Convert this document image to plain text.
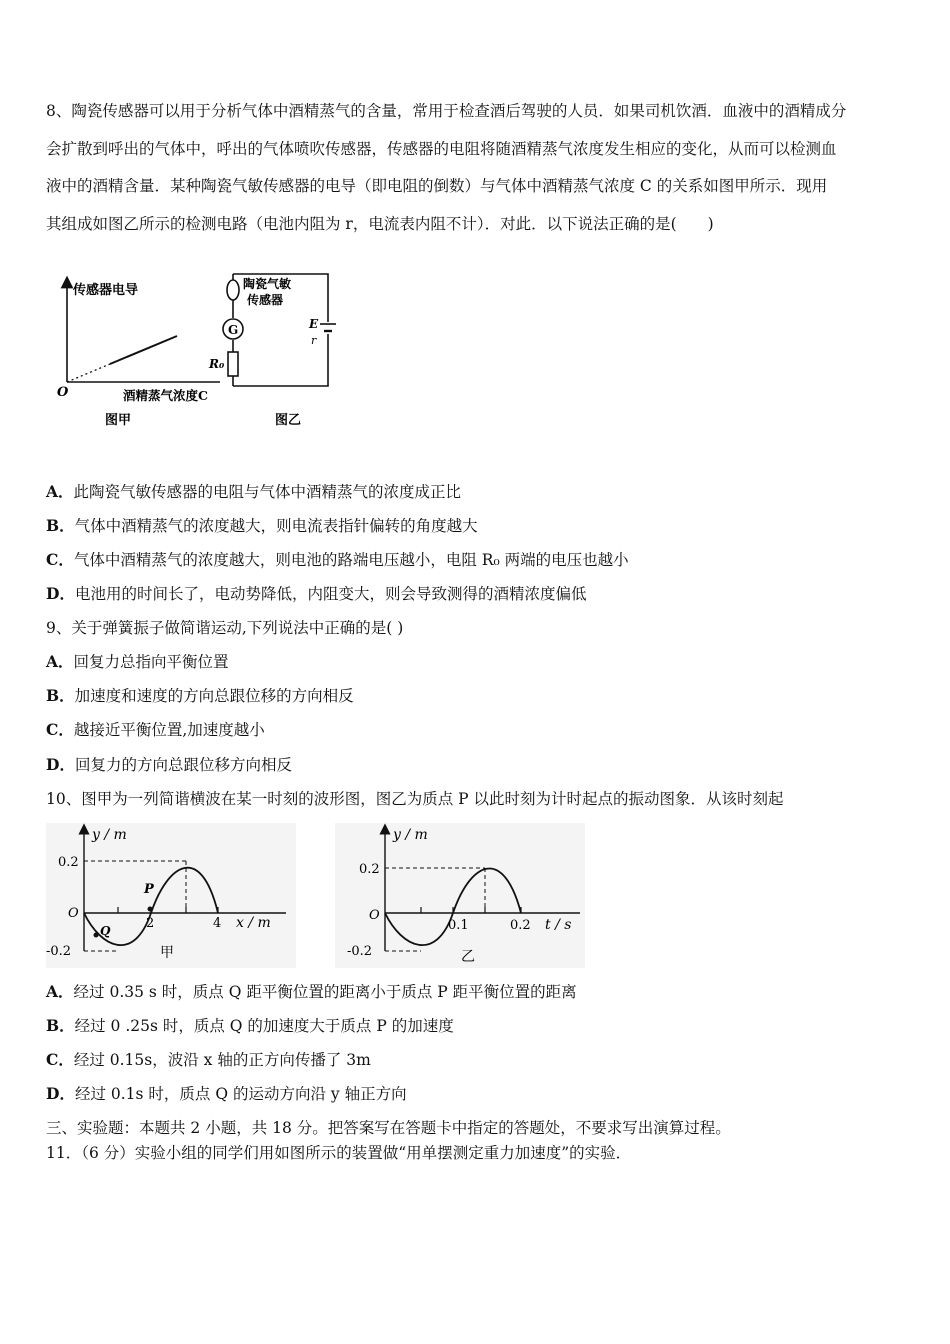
8、陶瓷传感器可以用于分析气体中酒精蒸气的含量，常用于检查酒后驾驶的人员．如果司机饮酒．血液中的酒精成分
会扩散到呼出的气体中，呼出的气体喷吹传感器，传感器的电阻将随酒精蒸气浓度发生相应的变化，从而可以检测血
液中的酒精含量．某种陶瓷气敏传感器的电导（即电阻的倒数）与气体中酒精蒸气浓度 C 的关系如图甲所示．现用
其组成如图乙所示的检测电路（电池内阻为 r，电流表内阻不计）．对此．以下说法正确的是(　　)
传感器电导
O	酒精蒸气浓度C
图甲
G
R₀
E
r
陶瓷气敏
传感器
图乙
A．此陶瓷气敏传感器的电阻与气体中酒精蒸气的浓度成正比
B．气体中酒精蒸气的浓度越大，则电流表指针偏转的角度越大
C．气体中酒精蒸气的浓度越大，则电池的路端电压越小，电阻 R₀ 两端的电压也越小
D．电池用的时间长了，电动势降低，内阻变大，则会导致测得的酒精浓度偏低
9、关于弹簧振子做简谐运动,下列说法中正确的是( )
A．回复力总指向平衡位置
B．加速度和速度的方向总跟位移的方向相反
C．越接近平衡位置,加速度越小
D．回复力的方向总跟位移方向相反
10、图甲为一列简谐横波在某一时刻的波形图，图乙为质点 P 以此时刻为计时起点的振动图象．从该时刻起
y / m
0.2
-0.2
O
P
Q	2	4 x / m
甲
y / m
0.2
-0.2
O
0.1	0.2 t / s
乙
A．经过 0.35 s 时，质点 Q 距平衡位置的距离小于质点 P 距平衡位置的距离
B．经过 0 .25s 时，质点 Q 的加速度大于质点 P 的加速度
C．经过 0.15s，波沿 x 轴的正方向传播了 3m
D．经过 0.1s 时，质点 Q 的运动方向沿 y 轴正方向
三、实验题：本题共 2 小题，共 18 分。把答案写在答题卡中指定的答题处，不要求写出演算过程。
11．（6 分）实验小组的同学们用如图所示的装置做“用单摆测定重力加速度”的实验．
